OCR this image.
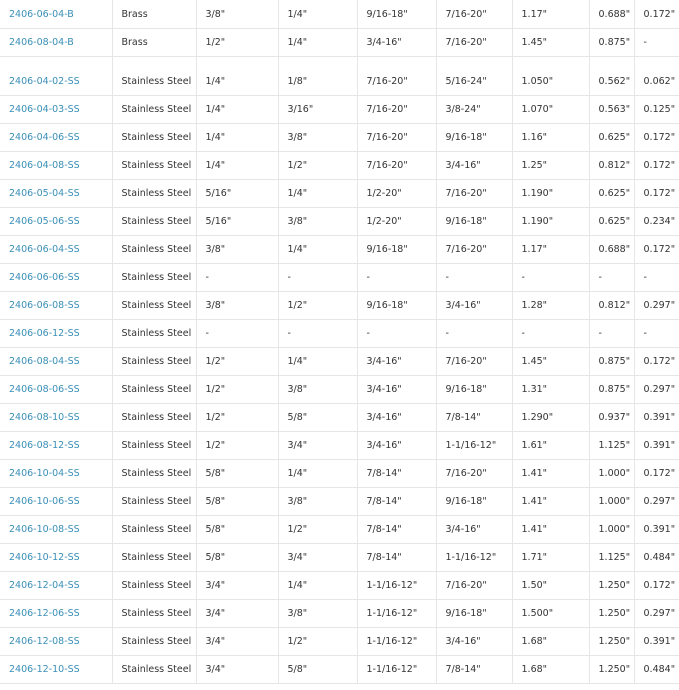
2406-06-04-B	Brass	3/8"	1/4"	9/16-18"	7/16-20"	1.17"	0.688"	0.172"
2406-08-04-B	Brass	1/2"	1/4"	3/4-16"	7/16-20"	1.45"	0.875"	-

2406-04-02-SS	Stainless Steel	1/4"	1/8"	7/16-20"	5/16-24"	1.050"	0.562"	0.062"
2406-04-03-SS	Stainless Steel	1/4"	3/16"	7/16-20"	3/8-24"	1.070"	0.563"	0.125"
2406-04-06-SS	Stainless Steel	1/4"	3/8"	7/16-20"	9/16-18"	1.16"	0.625"	0.172"
2406-04-08-SS	Stainless Steel	1/4"	1/2"	7/16-20"	3/4-16"	1.25"	0.812"	0.172"
2406-05-04-SS	Stainless Steel	5/16"	1/4"	1/2-20"	7/16-20"	1.190"	0.625"	0.172"
2406-05-06-SS	Stainless Steel	5/16"	3/8"	1/2-20"	9/16-18"	1.190"	0.625"	0.234"
2406-06-04-SS	Stainless Steel	3/8"	1/4"	9/16-18"	7/16-20"	1.17"	0.688"	0.172"
2406-06-06-SS	Stainless Steel	-	-	-	-	-	-	-
2406-06-08-SS	Stainless Steel	3/8"	1/2"	9/16-18"	3/4-16"	1.28"	0.812"	0.297"
2406-06-12-SS	Stainless Steel	-	-	-	-	-	-	-
2406-08-04-SS	Stainless Steel	1/2"	1/4"	3/4-16"	7/16-20"	1.45"	0.875"	0.172"
2406-08-06-SS	Stainless Steel	1/2"	3/8"	3/4-16"	9/16-18"	1.31"	0.875"	0.297"
2406-08-10-SS	Stainless Steel	1/2"	5/8"	3/4-16"	7/8-14"	1.290"	0.937"	0.391"
2406-08-12-SS	Stainless Steel	1/2"	3/4"	3/4-16"	1-1/16-12"	1.61"	1.125"	0.391"
2406-10-04-SS	Stainless Steel	5/8"	1/4"	7/8-14"	7/16-20"	1.41"	1.000"	0.172"
2406-10-06-SS	Stainless Steel	5/8"	3/8"	7/8-14"	9/16-18"	1.41"	1.000"	0.297"
2406-10-08-SS	Stainless Steel	5/8"	1/2"	7/8-14"	3/4-16"	1.41"	1.000"	0.391"
2406-10-12-SS	Stainless Steel	5/8"	3/4"	7/8-14"	1-1/16-12"	1.71"	1.125"	0.484"
2406-12-04-SS	Stainless Steel	3/4"	1/4"	1-1/16-12"	7/16-20"	1.50"	1.250"	0.172"
2406-12-06-SS	Stainless Steel	3/4"	3/8"	1-1/16-12"	9/16-18"	1.500"	1.250"	0.297"
2406-12-08-SS	Stainless Steel	3/4"	1/2"	1-1/16-12"	3/4-16"	1.68"	1.250"	0.391"
2406-12-10-SS	Stainless Steel	3/4"	5/8"	1-1/16-12"	7/8-14"	1.68"	1.250"	0.484"
